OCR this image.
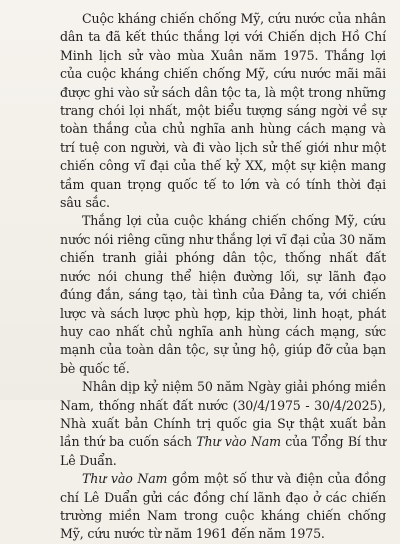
Cuộc kháng chiến chống Mỹ, cứu nước của nhân dân ta đã kết thúc thắng lợi với Chiến dịch Hồ Chí Minh lịch sử vào mùa Xuân năm 1975. Thắng lợi của cuộc kháng chiến chống Mỹ, cứu nước mãi mãi được ghi vào sử sách dân tộc ta, là một trong những trang chói lọi nhất, một biểu tượng sáng ngời về sự toàn thắng của chủ nghĩa anh hùng cách mạng và trí tuệ con người, và đi vào lịch sử thế giới như một chiến công vĩ đại của thế kỷ XX, một sự kiện mang tầm quan trọng quốc tế to lớn và có tính thời đại sâu sắc.

Thắng lợi của cuộc kháng chiến chống Mỹ, cứu nước nói riêng cũng như thắng lợi vĩ đại của 30 năm chiến tranh giải phóng dân tộc, thống nhất đất nước nói chung thể hiện đường lối, sự lãnh đạo đúng đắn, sáng tạo, tài tình của Đảng ta, với chiến lược và sách lược phù hợp, kịp thời, linh hoạt, phát huy cao nhất chủ nghĩa anh hùng cách mạng, sức mạnh của toàn dân tộc, sự ủng hộ, giúp đỡ của bạn bè quốc tế.

Nhân dịp kỷ niệm 50 năm Ngày giải phóng miền Nam, thống nhất đất nước (30/4/1975 - 30/4/2025), Nhà xuất bản Chính trị quốc gia Sự thật xuất bản lần thứ ba cuốn sách Thư vào Nam của Tổng Bí thư Lê Duẩn.

Thư vào Nam gồm một số thư và điện của đồng chí Lê Duẩn gửi các đồng chí lãnh đạo ở các chiến trường miền Nam trong cuộc kháng chiến chống Mỹ, cứu nước từ năm 1961 đến năm 1975.
